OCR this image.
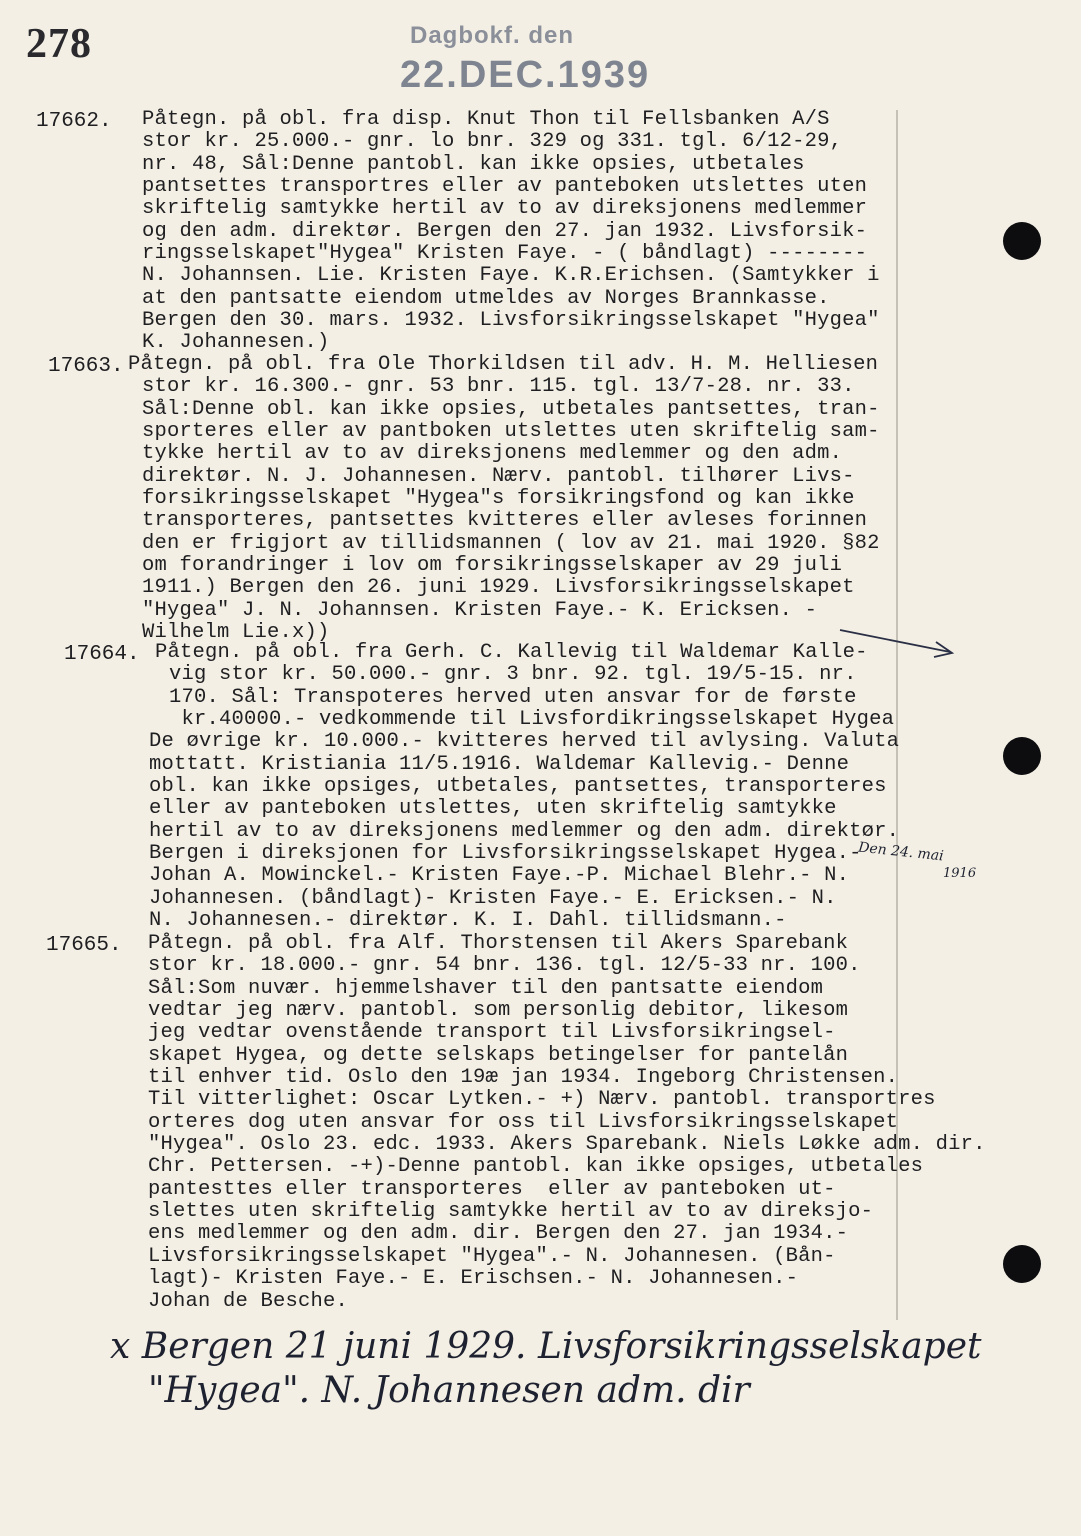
278	Dagbokf. den
22.DEC.1939
17662. Påtegn. på obl. fra disp. Knut Thon til Fellsbanken A/S
stor kr. 25.000.- gnr. lo bnr. 329 og 331. tgl. 6/12-29,
nr. 48, Sål:Denne pantobl. kan ikke opsies, utbetales
pantsettes transportres eller av panteboken utslettes uten
skriftelig samtykke hertil av to av direksjonens medlemmer
og den adm. direktør. Bergen den 27. jan 1932. Livsforsik-
ringsselskapet"Hygea" Kristen Faye. - ( båndlagt) --------
N. Johannsen. Lie. Kristen Faye. K.R.Erichsen. (Samtykker i
at den pantsatte eiendom utmeldes av Norges Brannkasse.
Bergen den 30. mars. 1932. Livsforsikringsselskapet "Hygea"
K. Johannesen.)
17663. Påtegn. på obl. fra Ole Thorkildsen til adv. H. M. Helliesen
stor kr. 16.300.- gnr. 53 bnr. 115. tgl. 13/7-28. nr. 33.
Sål:Denne obl. kan ikke opsies, utbetales pantsettes, tran-
sporteres eller av pantboken utslettes uten skriftelig sam-
tykke hertil av to av direksjonens medlemmer og den adm.
direktør. N. J. Johannesen. Nærv. pantobl. tilhører Livs-
forsikringsselskapet "Hygea"s forsikringsfond og kan ikke
transporteres, pantsettes kvitteres eller avleses forinnen
den er frigjort av tillidsmannen ( lov av 21. mai 1920. §82
om forandringer i lov om forsikringsselskaper av 29 juli
1911.) Bergen den 26. juni 1929. Livsforsikringsselskapet
"Hygea" J. N. Johannsen. Kristen Faye.- K. Ericksen. -
Wilhelm Lie.x))
17664. Påtegn. på obl. fra Gerh. C. Kallevig til Waldemar Kalle-
vig stor kr. 50.000.- gnr. 3 bnr. 92. tgl. 19/5-15. nr.
170. Sål: Transpoteres herved uten ansvar for de første
kr.40000.- vedkommende til Livsfordikringsselskapet Hygea
De øvrige kr. 10.000.- kvitteres herved til avlysing. Valuta
mottatt. Kristiania 11/5.1916. Waldemar Kallevig.- Denne
obl. kan ikke opsiges, utbetales, pantsettes, transporteres
eller av panteboken utslettes, uten skriftelig samtykke
hertil av to av direksjonens medlemmer og den adm. direktør.
Bergen i direksjonen for Livsforsikringsselskapet Hygea.-
Johan A. Mowinckel.- Kristen Faye.-P. Michael Blehr.- N.
Johannesen. (båndlagt)- Kristen Faye.- E. Ericksen.- N.
N. Johannesen.- direktør. K. I. Dahl. tillidsmann.-
17665. Påtegn. på obl. fra Alf. Thorstensen til Akers Sparebank
stor kr. 18.000.- gnr. 54 bnr. 136. tgl. 12/5-33 nr. 100.
Sål:Som nuvær. hjemmelshaver til den pantsatte eiendom
vedtar jeg nærv. pantobl. som personlig debitor, likesom
jeg vedtar ovenstående transport til Livsforsikringsel-
skapet Hygea, og dette selskaps betingelser for pantelån
til enhver tid. Oslo den 19æ jan 1934. Ingeborg Christensen.
Til vitterlighet: Oscar Lytken.- +) Nærv. pantobl. transportres
orteres dog uten ansvar for oss til Livsforsikringsselskapet
"Hygea". Oslo 23. edc. 1933. Akers Sparebank. Niels Løkke adm. dir.
Chr. Pettersen. -+)-Denne pantobl. kan ikke opsiges, utbetales
pantesttes eller transporteres  eller av panteboken ut-
slettes uten skriftelig samtykke hertil av to av direksjo-
ens medlemmer og den adm. dir. Bergen den 27. jan 1934.-
Livsforsikringsselskapet "Hygea".- N. Johannesen. (Bån-
lagt)- Kristen Faye.- E. Erischsen.- N. Johannesen.-
Johan de Besche.
Den 24. mai
1916
x Bergen 21 juni 1929. Livsforsikringsselskapet
"Hygea". N. Johannesen adm. dir
